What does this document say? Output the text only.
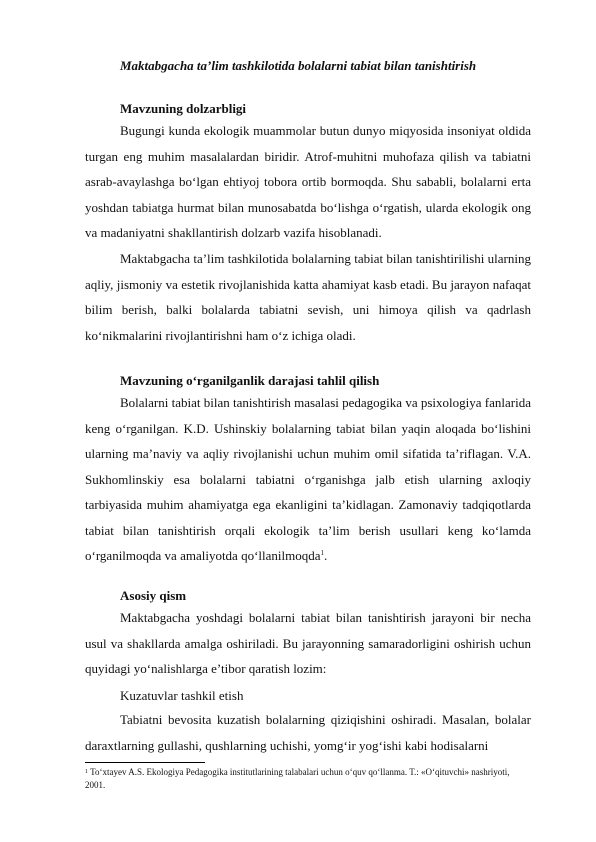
Maktabgacha ta’lim tashkilotida bolalarni tabiat bilan tanishtirish
Mavzuning dolzarbligi

Bugungi kunda ekologik muammolar butun dunyo miqyosida insoniyat oldida turgan eng muhim masalalardan biridir. Atrof-muhitni muhofaza qilish va tabiatni asrab-avaylashga bo‘lgan ehtiyoj tobora ortib bormoqda. Shu sababli, bolalarni erta yoshdan tabiatga hurmat bilan munosabatda bo‘lishga o‘rgatish, ularda ekologik ong va madaniyatni shakllantirish dolzarb vazifa hisoblanadi.

Maktabgacha ta’lim tashkilotida bolalarning tabiat bilan tanishtirilishi ularning aqliy, jismoniy va estetik rivojlanishida katta ahamiyat kasb etadi. Bu jarayon nafaqat bilim berish, balki bolalarda tabiatni sevish, uni himoya qilish va qadrlash ko‘nikmalarini rivojlantirishni ham o‘z ichiga oladi.

Mavzuning o‘rganilganlik darajasi tahlil qilish

Bolalarni tabiat bilan tanishtirish masalasi pedagogika va psixologiya fanlarida keng o‘rganilgan. K.D. Ushinskiy bolalarning tabiat bilan yaqin aloqada bo‘lishini ularning ma’naviy va aqliy rivojlanishi uchun muhim omil sifatida ta’riflagan. V.A. Sukhomlinskiy esa bolalarni tabiatni o‘rganishga jalb etish ularning axloqiy tarbiyasida muhim ahamiyatga ega ekanligini ta’kidlagan. Zamonaviy tadqiqotlarda tabiat bilan tanishtirish orqali ekologik ta’lim berish usullari keng ko‘lamda o‘rganilmoqda va amaliyotda qo‘llanilmoqda$^1$.

Asosiy qism

Maktabgacha yoshdagi bolalarni tabiat bilan tanishtirish jarayoni bir necha usul va shakllarda amalga oshiriladi. Bu jarayonning samaradorligini oshirish uchun quyidagi yo‘nalishlarga e’tibor qaratish lozim:

Kuzatuvlar tashkil etish

Tabiatni bevosita kuzatish bolalarning qiziqishini oshiradi. Masalan, bolalar daraxtlarning gullashi, qushlarning uchishi, yomg‘ir yog‘ishi kabi hodisalarni

$^1$ To‘xtayev A.S. Ekologiya Pedagogika institutlarining talabalari uchun o‘quv qo‘llanma. T.: «O‘qituvchi» nashriyoti, 2001.
